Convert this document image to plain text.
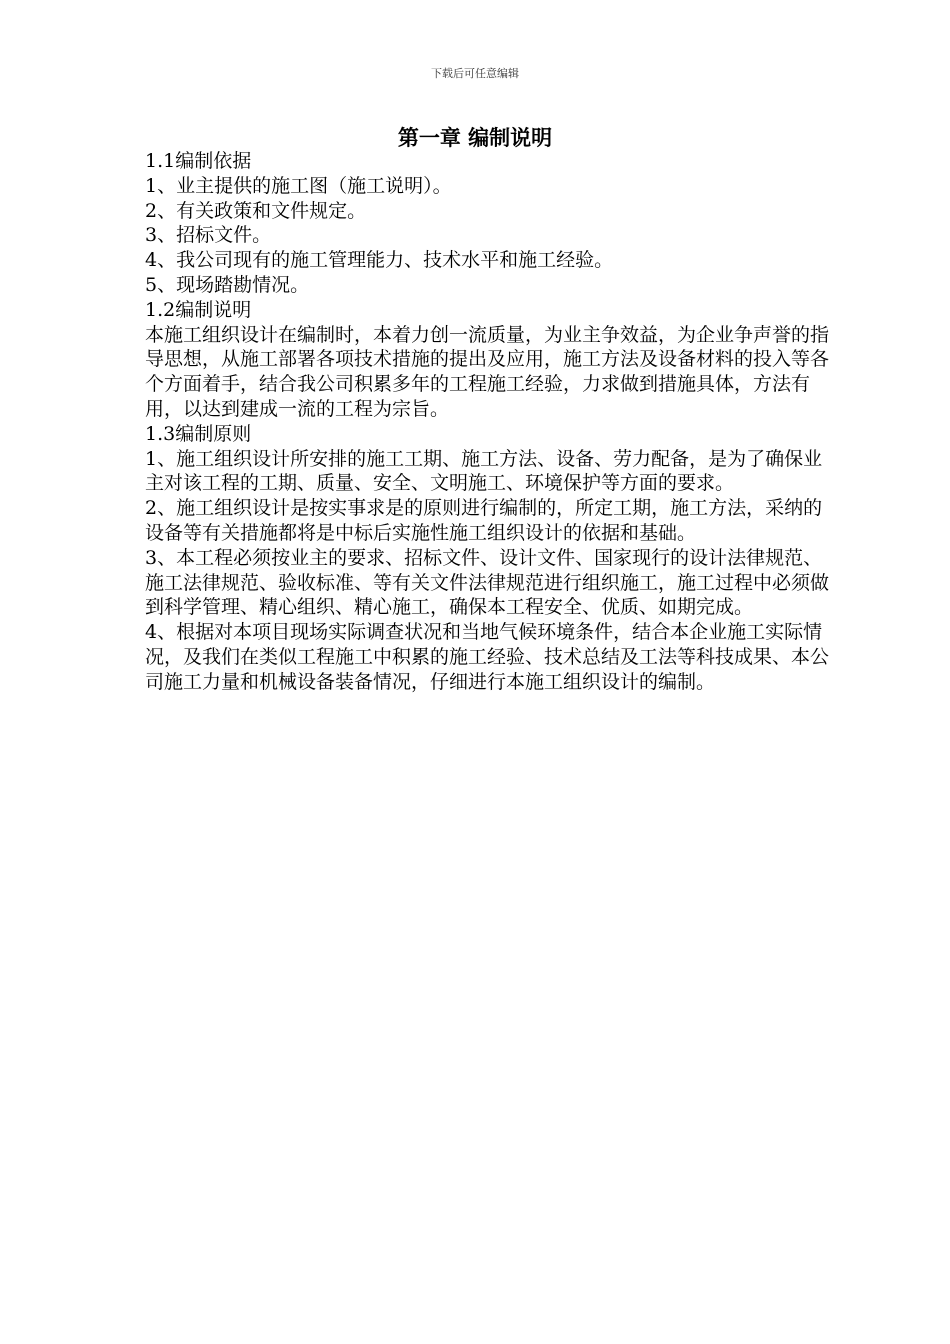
下载后可任意编辑
第一章 编制说明

1.1编制依据

1、业主提供的施工图（施工说明）。

2、有关政策和文件规定。

3、招标文件。

4、我公司现有的施工管理能力、技术水平和施工经验。

5、现场踏勘情况。

1.2编制说明

本施工组织设计在编制时，本着力创一流质量，为业主争效益，为企业争声誉的指导思想，从施工部署各项技术措施的提出及应用，施工方法及设备材料的投入等各个方面着手，结合我公司积累多年的工程施工经验，力求做到措施具体，方法有用，以达到建成一流的工程为宗旨。

1.3编制原则

1、施工组织设计所安排的施工工期、施工方法、设备、劳力配备，是为了确保业主对该工程的工期、质量、安全、文明施工、环境保护等方面的要求。

2、施工组织设计是按实事求是的原则进行编制的，所定工期，施工方法，采纳的设备等有关措施都将是中标后实施性施工组织设计的依据和基础。

3、本工程必须按业主的要求、招标文件、设计文件、国家现行的设计法律规范、施工法律规范、验收标准、等有关文件法律规范进行组织施工，施工过程中必须做到科学管理、精心组织、精心施工，确保本工程安全、优质、如期完成。

4、根据对本项目现场实际调查状况和当地气候环境条件，结合本企业施工实际情况，及我们在类似工程施工中积累的施工经验、技术总结及工法等科技成果、本公司施工力量和机械设备装备情况，仔细进行本施工组织设计的编制。
